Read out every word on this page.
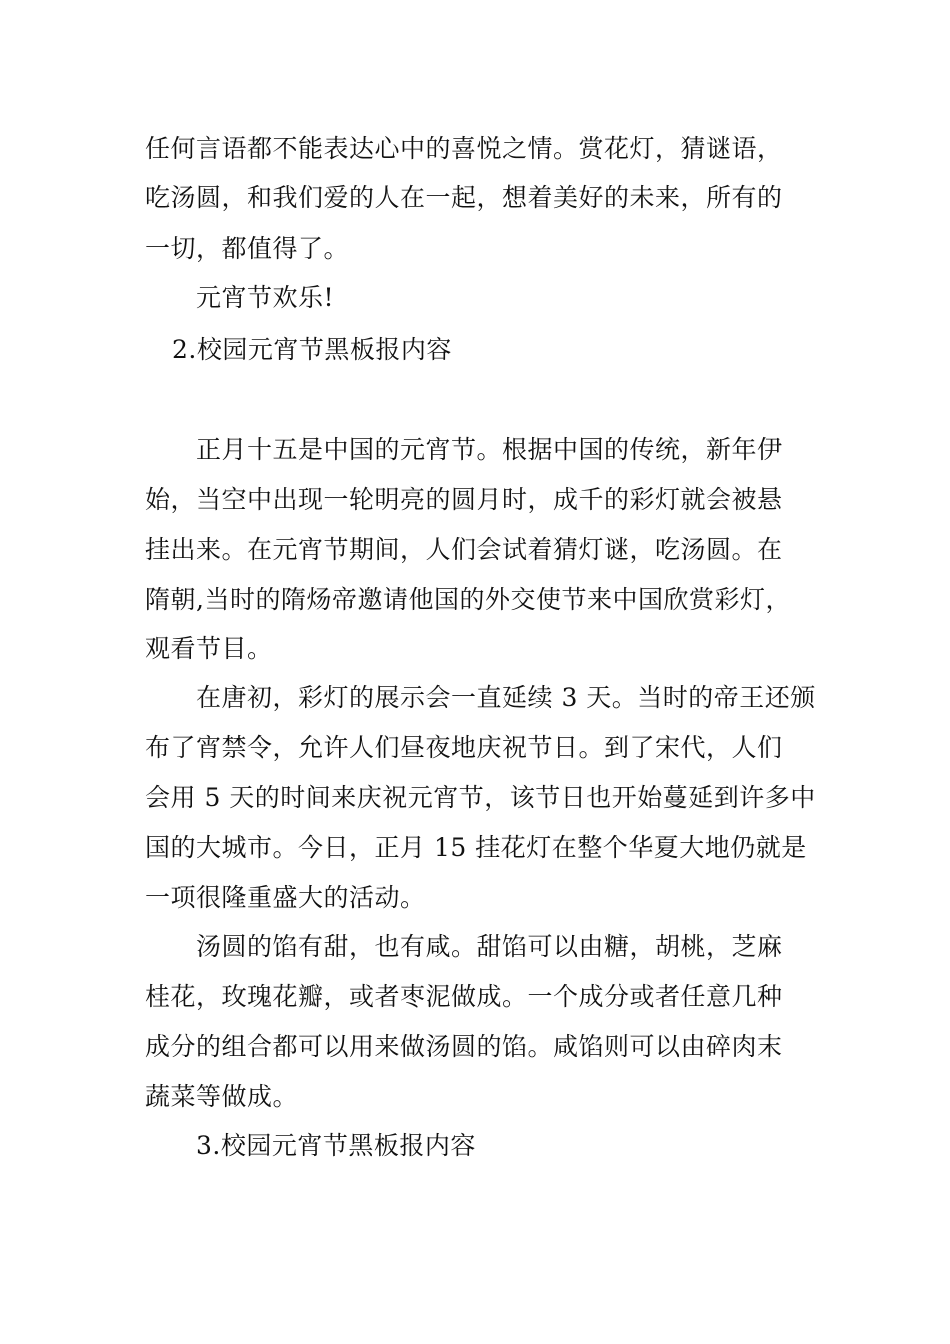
任何言语都不能表达心中的喜悦之情。赏花灯，猜谜语，
吃汤圆，和我们爱的人在一起，想着美好的未来，所有的
一切，都值得了。
元宵节欢乐!
2.校园元宵节黑板报内容
正月十五是中国的元宵节。根据中国的传统，新年伊
始，当空中出现一轮明亮的圆月时，成千的彩灯就会被悬
挂出来。在元宵节期间，人们会试着猜灯谜，吃汤圆。在
隋朝,当时的隋炀帝邀请他国的外交使节来中国欣赏彩灯，
观看节目。
在唐初，彩灯的展示会一直延续 3 天。当时的帝王还颁
布了宵禁令，允许人们昼夜地庆祝节日。到了宋代，人们
会用 5 天的时间来庆祝元宵节，该节日也开始蔓延到许多中
国的大城市。今日，正月 15 挂花灯在整个华夏大地仍就是
一项很隆重盛大的活动。
汤圆的馅有甜，也有咸。甜馅可以由糖，胡桃，芝麻
桂花，玫瑰花瓣，或者枣泥做成。一个成分或者任意几种
成分的组合都可以用来做汤圆的馅。咸馅则可以由碎肉末
蔬菜等做成。
3.校园元宵节黑板报内容
